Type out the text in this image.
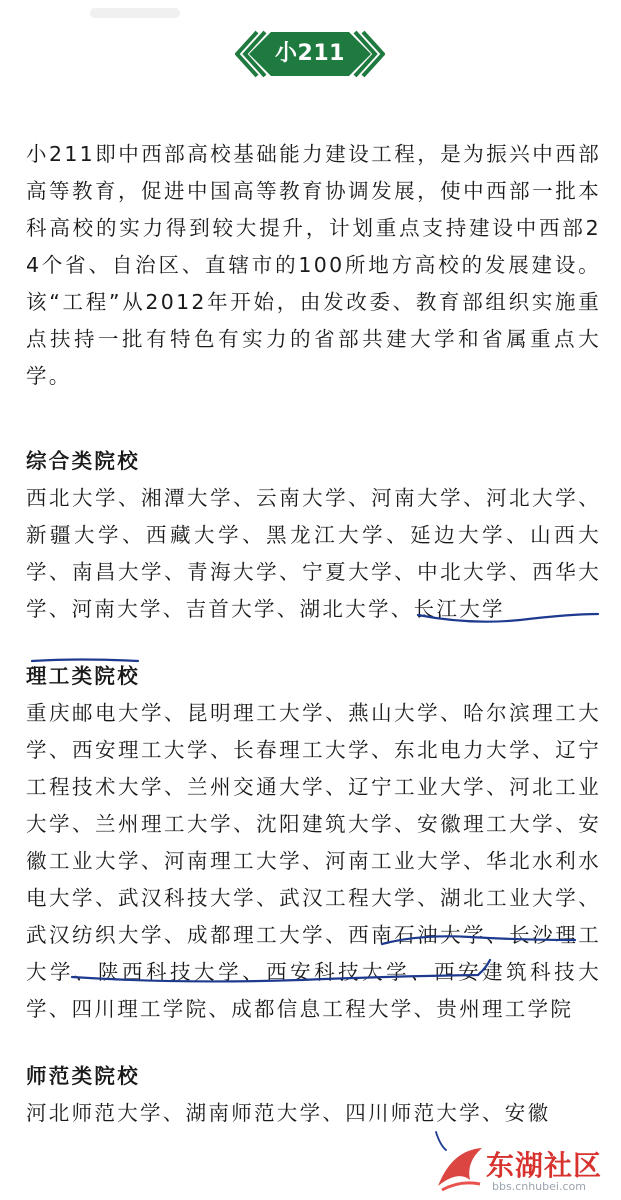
小211

小211即中西部高校基础能力建设工程，是为振兴中西部高等教育，促进中国高等教育协调发展，使中西部一批本科高校的实力得到较大提升，计划重点支持建设中西部24个省、自治区、直辖市的100所地方高校的发展建设。该“工程”从2012年开始，由发改委、教育部组织实施重点扶持一批有特色有实力的省部共建大学和省属重点大学。

综合类院校

西北大学、湘潭大学、云南大学、河南大学、河北大学、新疆大学、西藏大学、黑龙江大学、延边大学、山西大学、南昌大学、青海大学、宁夏大学、中北大学、西华大学、河南大学、吉首大学、湖北大学、长江大学

理工类院校

重庆邮电大学、昆明理工大学、燕山大学、哈尔滨理工大学、西安理工大学、长春理工大学、东北电力大学、辽宁工程技术大学、兰州交通大学、辽宁工业大学、河北工业大学、兰州理工大学、沈阳建筑大学、安徽理工大学、安徽工业大学、河南理工大学、河南工业大学、华北水利水电大学、武汉科技大学、武汉工程大学、湖北工业大学、武汉纺织大学、成都理工大学、西南石油大学、长沙理工大学、陕西科技大学、西安科技大学、西安建筑科技大学、四川理工学院、成都信息工程大学、贵州理工学院

师范类院校

河北师范大学、湖南师范大学、四川师范大学、安徽

东湖社区
bbs.cnhubei.com
